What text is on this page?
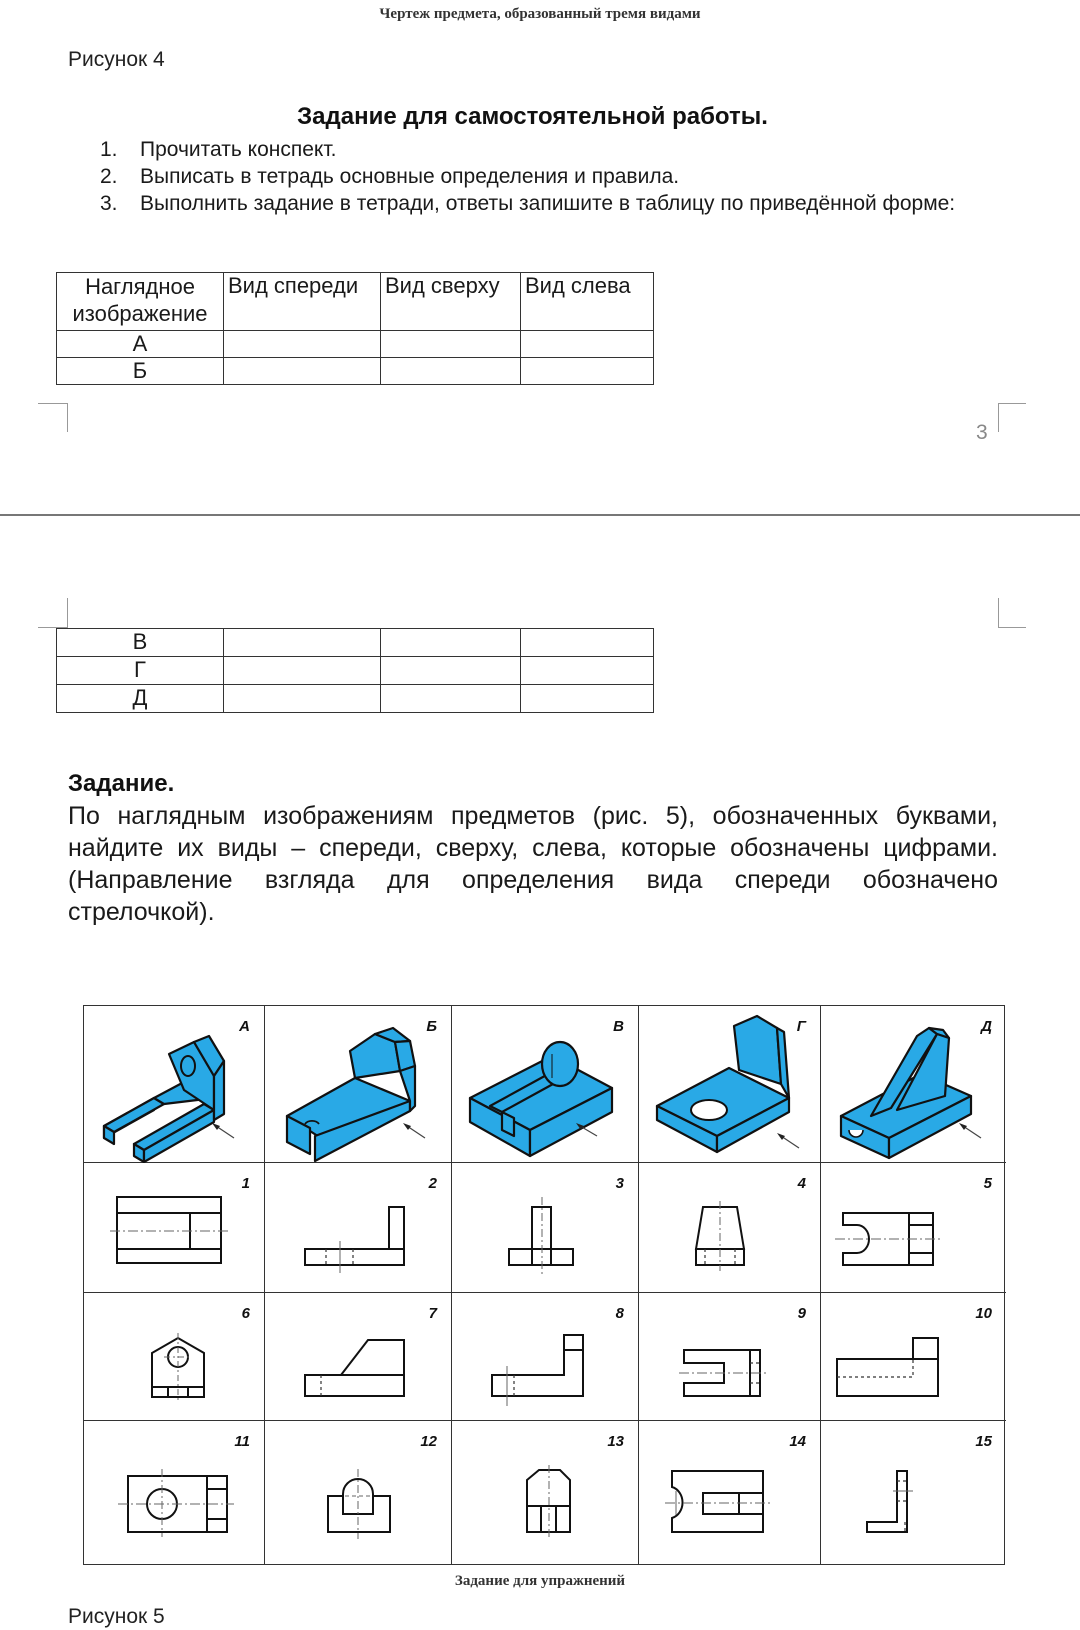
Чертеж предмета, образованный тремя видами
Рисунок 4
Задание для самостоятельной работы.
1. Прочитать конспект.
2. Выписать в тетрадь основные определения и правила.
3. Выполнить задание в тетради, ответы запишите в таблицу по приведённой форме:
Наглядное изображение	Вид спереди	Вид сверху	Вид слева
А			
Б			
3
В			
Г			
Д			
Задание.
По наглядным изображениям предметов (рис. 5), обозначенных буквами, найдите их виды – спереди, сверху, слева, которые обозначены цифрами. (Направление взгляда для определения вида спереди обозначено стрелочкой).
А	Б	В	Г	Д
1	2	3	4	5
6	7	8	9	10
11	12	13	14	15
Задание для упражнений
Рисунок 5
